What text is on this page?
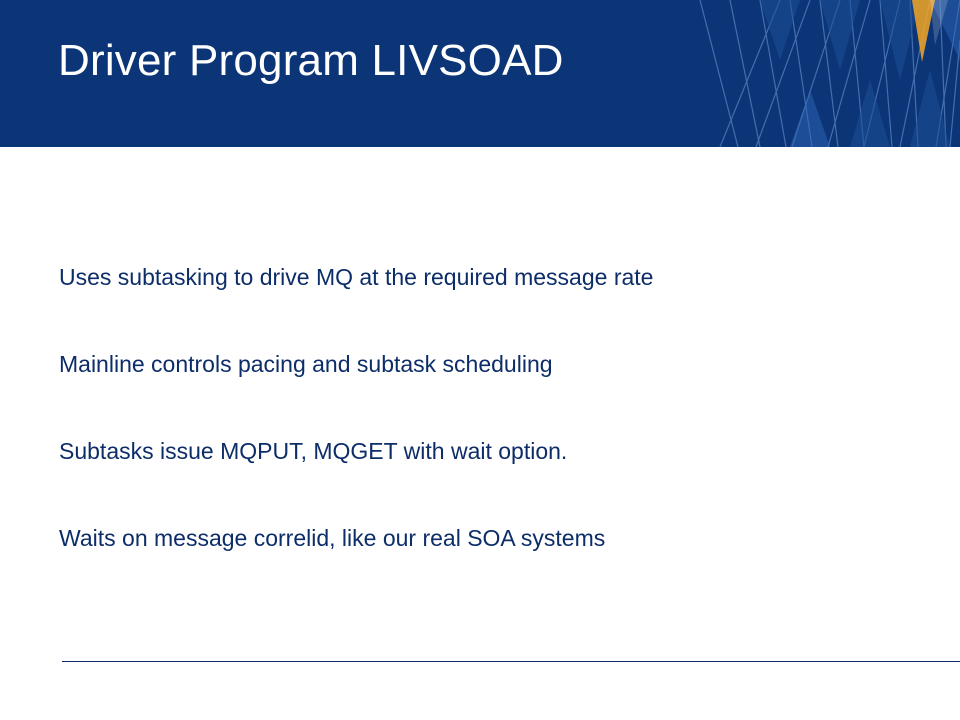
Driver Program LIVSOAD
Uses subtasking to drive MQ at the required message rate
Mainline controls pacing and subtask scheduling
Subtasks issue MQPUT, MQGET with wait option.
Waits on message correlid, like our real SOA systems
